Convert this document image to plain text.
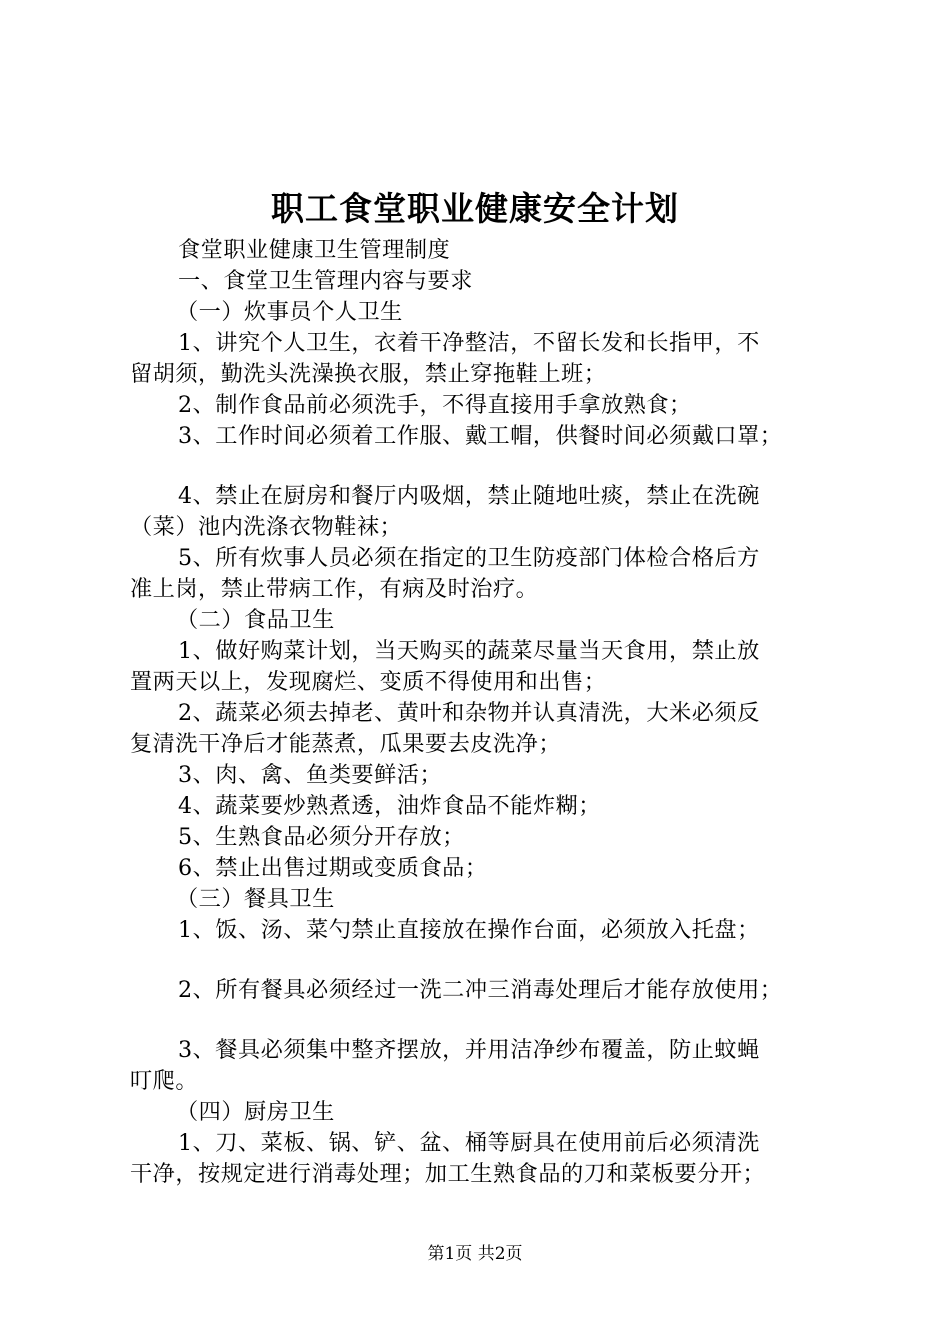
职工食堂职业健康安全计划

食堂职业健康卫生管理制度

一、食堂卫生管理内容与要求

（一）炊事员个人卫生

1、讲究个人卫生，衣着干净整洁，不留长发和长指甲，不

留胡须，勤洗头洗澡换衣服，禁止穿拖鞋上班；

2、制作食品前必须洗手，不得直接用手拿放熟食；

3、工作时间必须着工作服、戴工帽，供餐时间必须戴口罩；

4、禁止在厨房和餐厅内吸烟，禁止随地吐痰，禁止在洗碗

（菜）池内洗涤衣物鞋袜；

5、所有炊事人员必须在指定的卫生防疫部门体检合格后方

准上岗，禁止带病工作，有病及时治疗。

（二）食品卫生

1、做好购菜计划，当天购买的蔬菜尽量当天食用，禁止放

置两天以上，发现腐烂、变质不得使用和出售；

2、蔬菜必须去掉老、黄叶和杂物并认真清洗，大米必须反

复清洗干净后才能蒸煮，瓜果要去皮洗净；

3、肉、禽、鱼类要鲜活；

4、蔬菜要炒熟煮透，油炸食品不能炸糊；

5、生熟食品必须分开存放；

6、禁止出售过期或变质食品；

（三）餐具卫生

1、饭、汤、菜勺禁止直接放在操作台面，必须放入托盘；

2、所有餐具必须经过一洗二冲三消毒处理后才能存放使用；

3、餐具必须集中整齐摆放，并用洁净纱布覆盖，防止蚊蝇

叮爬。

（四）厨房卫生

1、刀、菜板、锅、铲、盆、桶等厨具在使用前后必须清洗

干净，按规定进行消毒处理；加工生熟食品的刀和菜板要分开；

第1页 共2页
